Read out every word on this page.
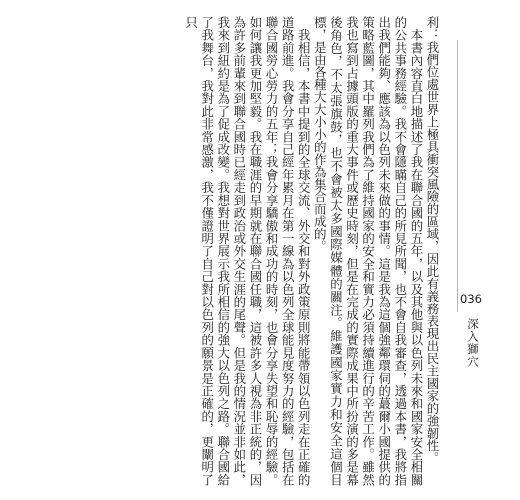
利：我們位處世界上極具衝突風險的區域，因此有義務表現出民主國家的強韌性。

　本書內容直白地描述了我在聯合國的五年，以及其他與以色列未來和國家安全相關的公共事務經驗。我不會隱瞞自己的所見所聞，也不會自我審查，透過本書，我將指出我們能夠、應該為以色列未來做的事情。這是我為這個強鄰環伺的蕞爾小國提供的策略藍圖，其中羅列我們為了維持國家的安全和實力必須持續進行的辛苦工作。雖然我也寫到占據頭版的重大事件或歷史時刻，但是在完成的實際成果中所扮演的多是幕後角色，不太張旗鼓，也不會被太多國際媒體的關注。維護國家實力和安全這個目標，是由各種大大小小的作為集合而成的。

　我相信，本書中提到的全球交流、外交和對外政策原則將能帶領以色列走在正確的道路前進。我會分享自己經年累月在第一線為以色列全球能見度努力的經驗，包括在聯合國勞心勞力的五年；我會分享驕傲和成功的時刻，也會分享失望和恥辱的經驗。如何讓我更加堅毅。我在職涯的早期就在聯合國任職，這被許多人視為非正統的，因為許多前輩來到聯合國時已經走到政治或外交生涯的尾聲。但是我的情況並非如此，我來到紐約是為了促成改變。我想對世界展示我所相信的強大以色列之路。聯合國給了我舞台，我對此非常感激，我不僅證明了自己對以色列的願景是正確的，更闡明了只

036
深入獅穴
